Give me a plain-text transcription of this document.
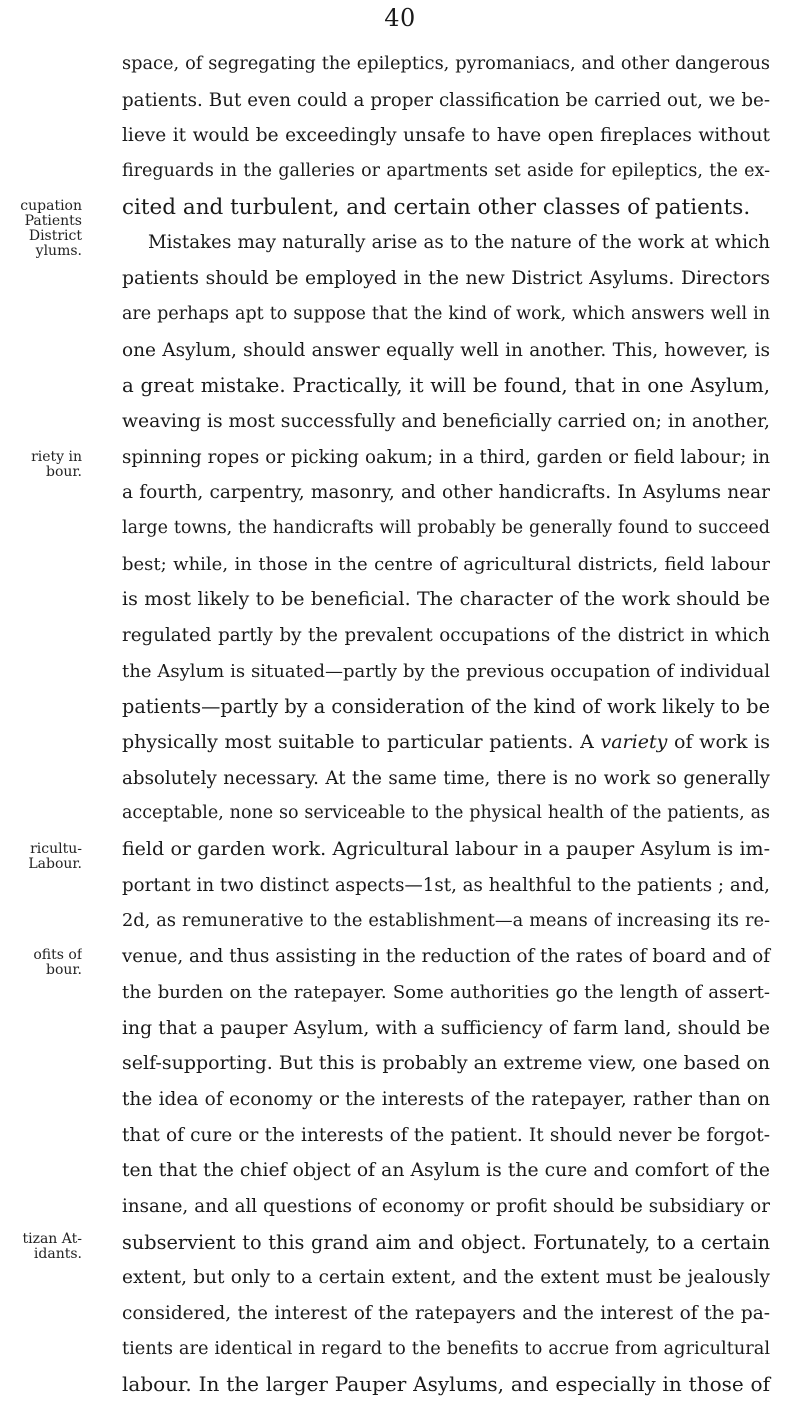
40
cupation
Patients
District
ylums.
riety in
bour.
ricultu-
Labour.
ofits of
bour.
tizan At-
idants.
space, of segregating the epileptics, pyromaniacs, and other dangerous
patients. But even could a proper classification be carried out, we be-
lieve it would be exceedingly unsafe to have open fireplaces without
fireguards in the galleries or apartments set aside for epileptics, the ex-
cited and turbulent, and certain other classes of patients.
Mistakes may naturally arise as to the nature of the work at which
patients should be employed in the new District Asylums. Directors
are perhaps apt to suppose that the kind of work, which answers well in
one Asylum, should answer equally well in another. This, however, is
a great mistake. Practically, it will be found, that in one Asylum,
weaving is most successfully and beneficially carried on; in another,
spinning ropes or picking oakum; in a third, garden or field labour; in
a fourth, carpentry, masonry, and other handicrafts. In Asylums near
large towns, the handicrafts will probably be generally found to succeed
best; while, in those in the centre of agricultural districts, field labour
is most likely to be beneficial. The character of the work should be
regulated partly by the prevalent occupations of the district in which
the Asylum is situated—partly by the previous occupation of individual
patients—partly by a consideration of the kind of work likely to be
physically most suitable to particular patients. A variety of work is
absolutely necessary. At the same time, there is no work so generally
acceptable, none so serviceable to the physical health of the patients, as
field or garden work. Agricultural labour in a pauper Asylum is im-
portant in two distinct aspects—1st, as healthful to the patients ; and,
2d, as remunerative to the establishment—a means of increasing its re-
venue, and thus assisting in the reduction of the rates of board and of
the burden on the ratepayer. Some authorities go the length of assert-
ing that a pauper Asylum, with a sufficiency of farm land, should be
self-supporting. But this is probably an extreme view, one based on
the idea of economy or the interests of the ratepayer, rather than on
that of cure or the interests of the patient. It should never be forgot-
ten that the chief object of an Asylum is the cure and comfort of the
insane, and all questions of economy or profit should be subsidiary or
subservient to this grand aim and object. Fortunately, to a certain
extent, but only to a certain extent, and the extent must be jealously
considered, the interest of the ratepayers and the interest of the pa-
tients are identical in regard to the benefits to accrue from agricultural
labour. In the larger Pauper Asylums, and especially in those of
